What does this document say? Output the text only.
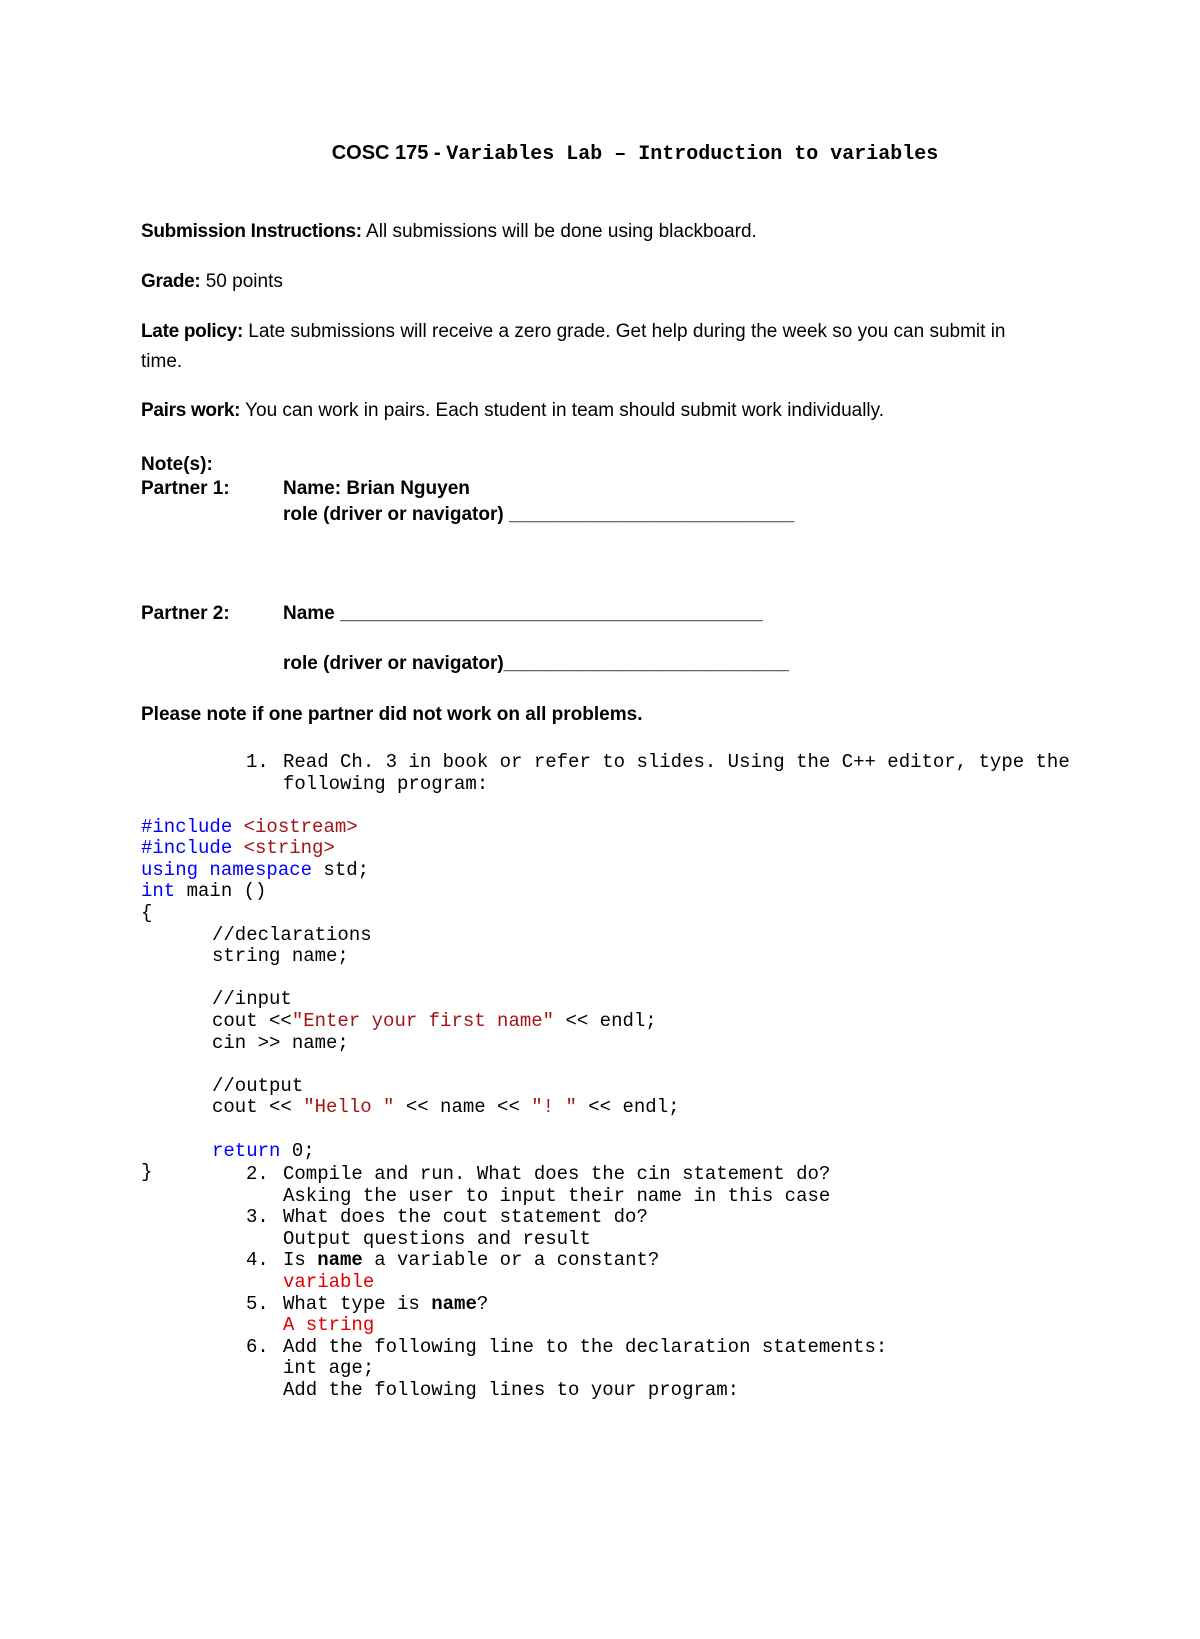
COSC 175 - Variables Lab – Introduction to variables
Submission Instructions: All submissions will be done using blackboard.
Grade: 50 points
Late policy: Late submissions will receive a zero grade. Get help during the week so you can submit in time.
Pairs work: You can work in pairs. Each student in team should submit work individually.
Note(s):
Partner 1:	Name: Brian Nguyen
role (driver or navigator) ___________________________
Partner 2:	Name ________________________________________
role (driver or navigator)___________________________
Please note if one partner did not work on all problems.

1.

Read Ch. 3 in book or refer to slides. Using the C++ editor, type the

following program:

#include <iostream>
#include <string>
using namespace std;
int main ()
{
//declarations
string name;

//input
cout <<"Enter your first name" << endl;
cin >> name;

//output
cout << "Hello " << name << "! " << endl;

return 0;
}

	2.

Compile and run. What does the cin statement do?

Asking the user to input their name in this case

3.

What does the cout statement do?

Output questions and result

4.

Is name a variable or a constant?

variable

5.

What type is name?

A string

6.

Add the following line to the declaration statements:

int age;

Add the following lines to your program:
